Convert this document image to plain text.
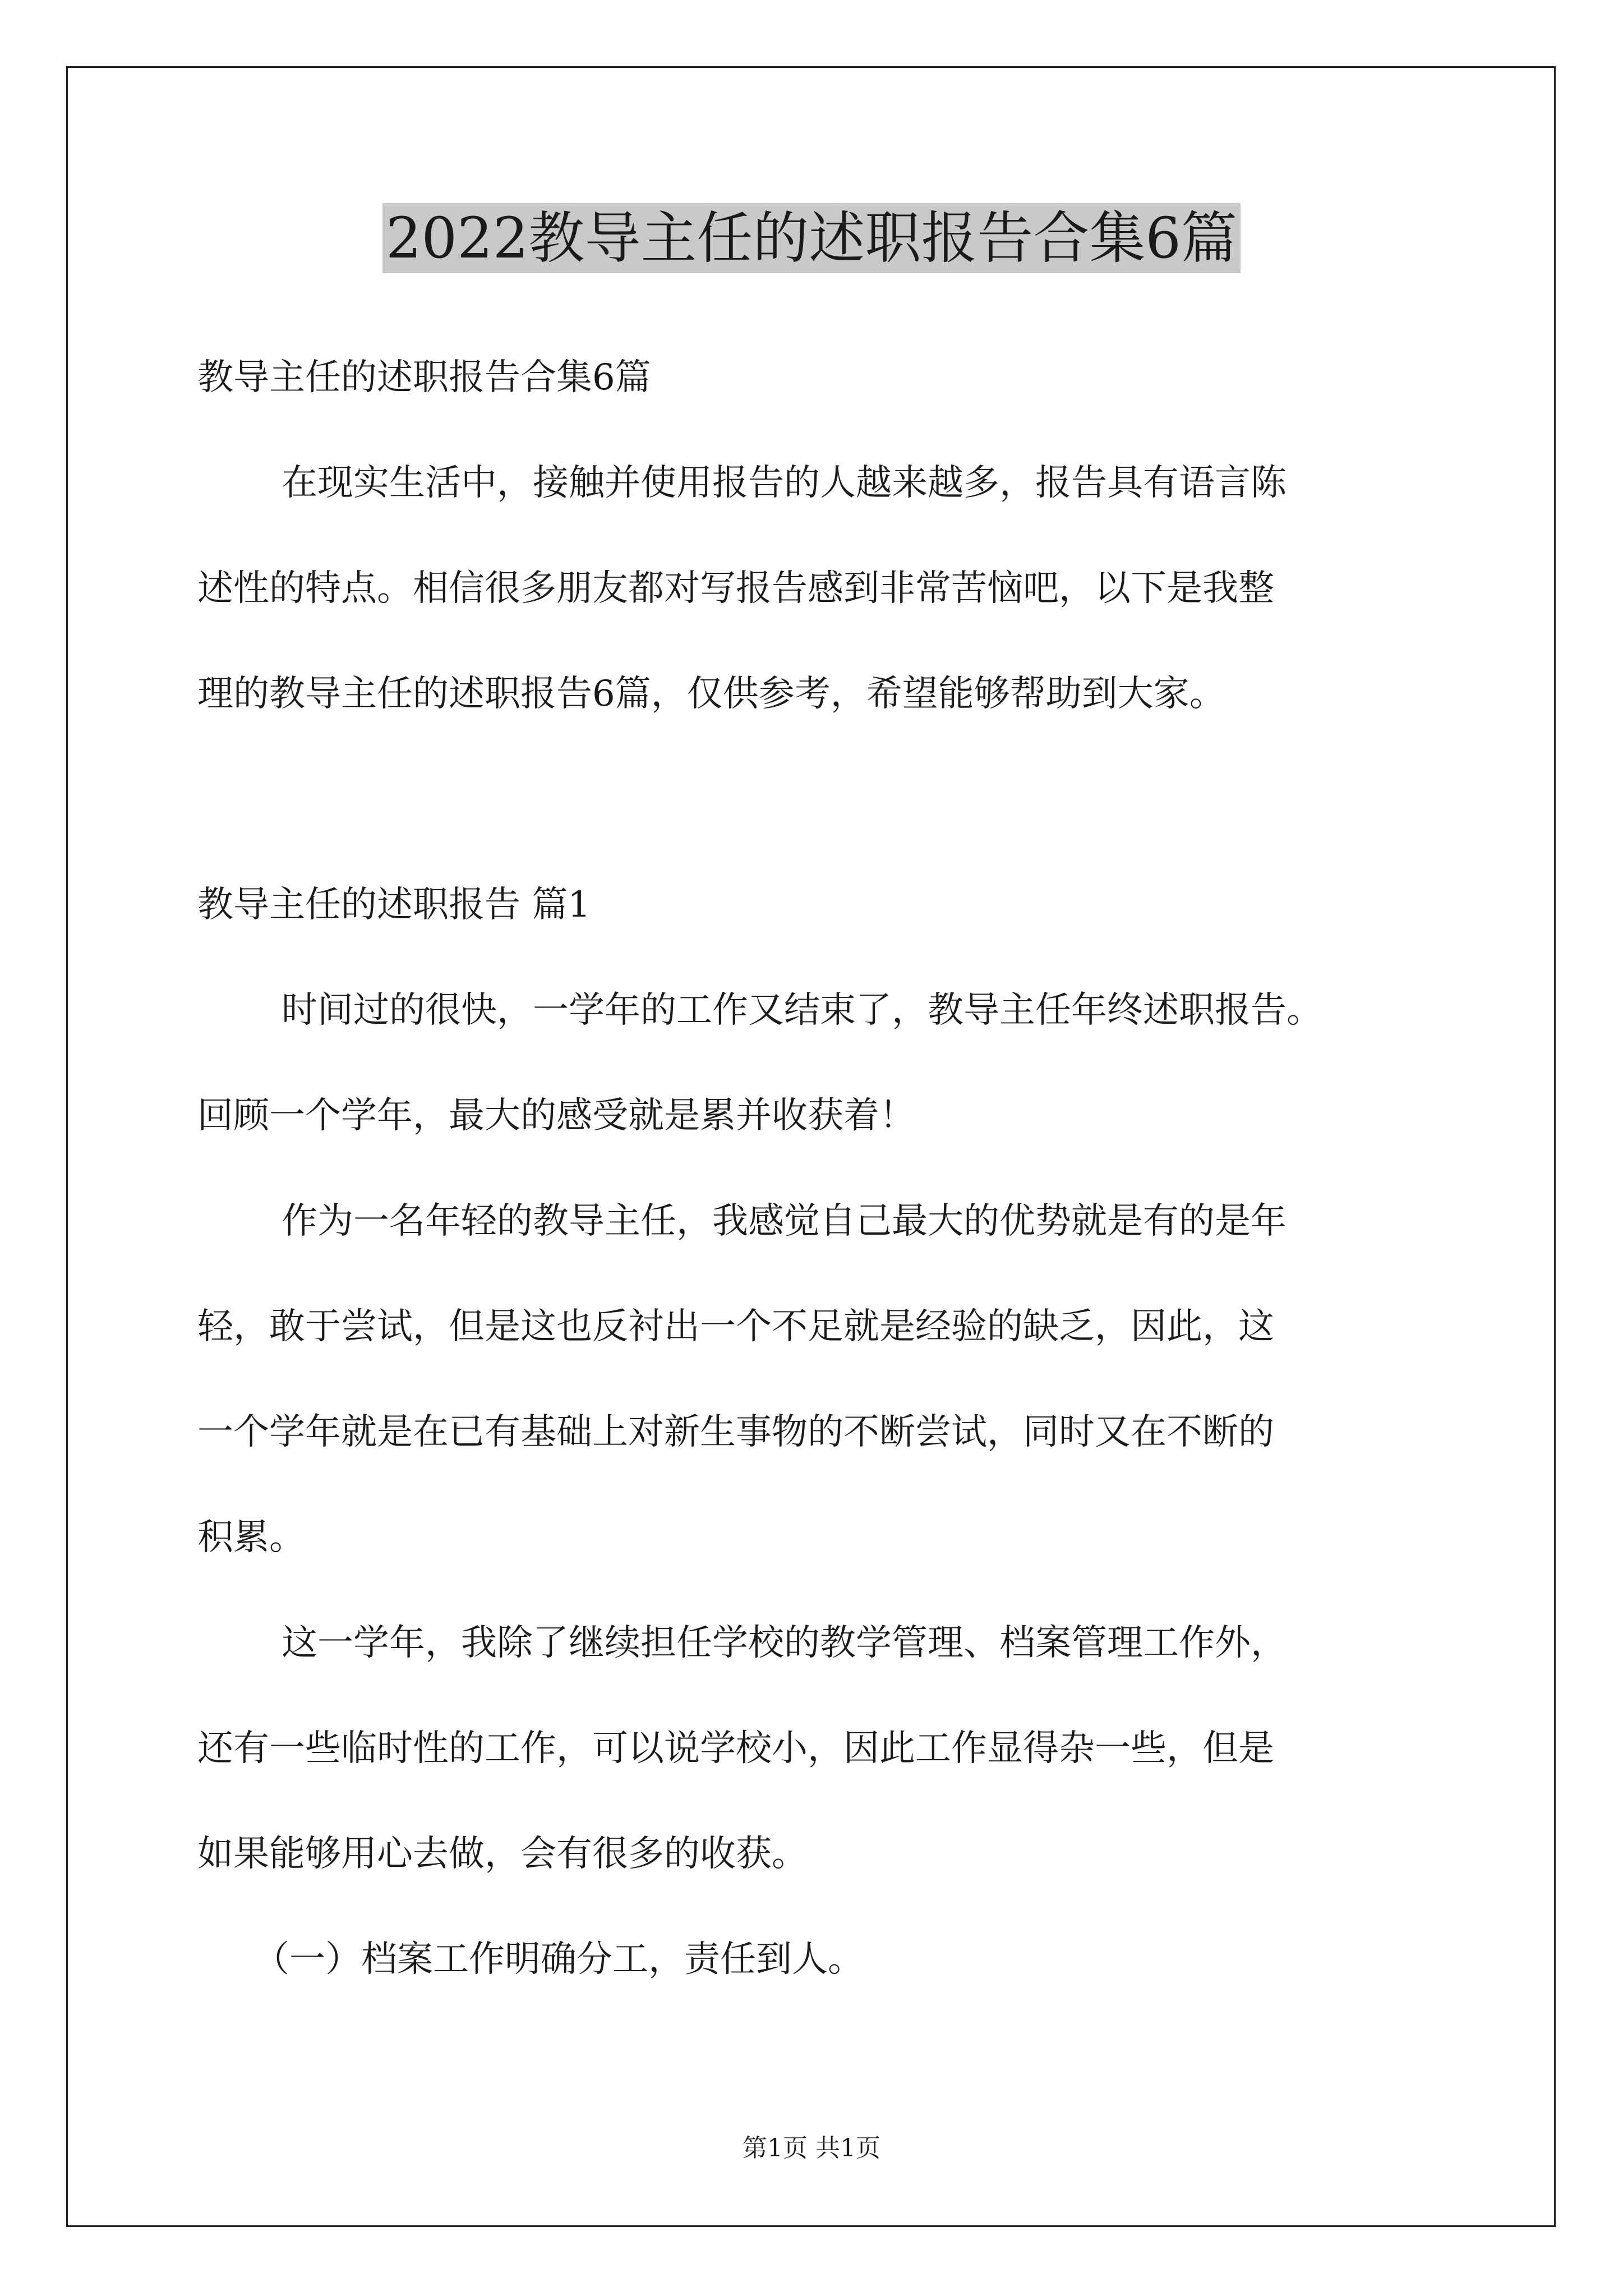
2022教导主任的述职报告合集6篇
教导主任的述职报告合集6篇
在现实生活中，接触并使用报告的人越来越多，报告具有语言陈
述性的特点。相信很多朋友都对写报告感到非常苦恼吧，以下是我整
理的教导主任的述职报告6篇，仅供参考，希望能够帮助到大家。
教导主任的述职报告 篇1
时间过的很快，一学年的工作又结束了，教导主任年终述职报告。
回顾一个学年，最大的感受就是累并收获着！
作为一名年轻的教导主任，我感觉自己最大的优势就是有的是年
轻，敢于尝试，但是这也反衬出一个不足就是经验的缺乏，因此，这
一个学年就是在已有基础上对新生事物的不断尝试，同时又在不断的
积累。
这一学年，我除了继续担任学校的教学管理、档案管理工作外，
还有一些临时性的工作，可以说学校小，因此工作显得杂一些，但是
如果能够用心去做，会有很多的收获。
（一）档案工作明确分工，责任到人。
第1页 共1页
